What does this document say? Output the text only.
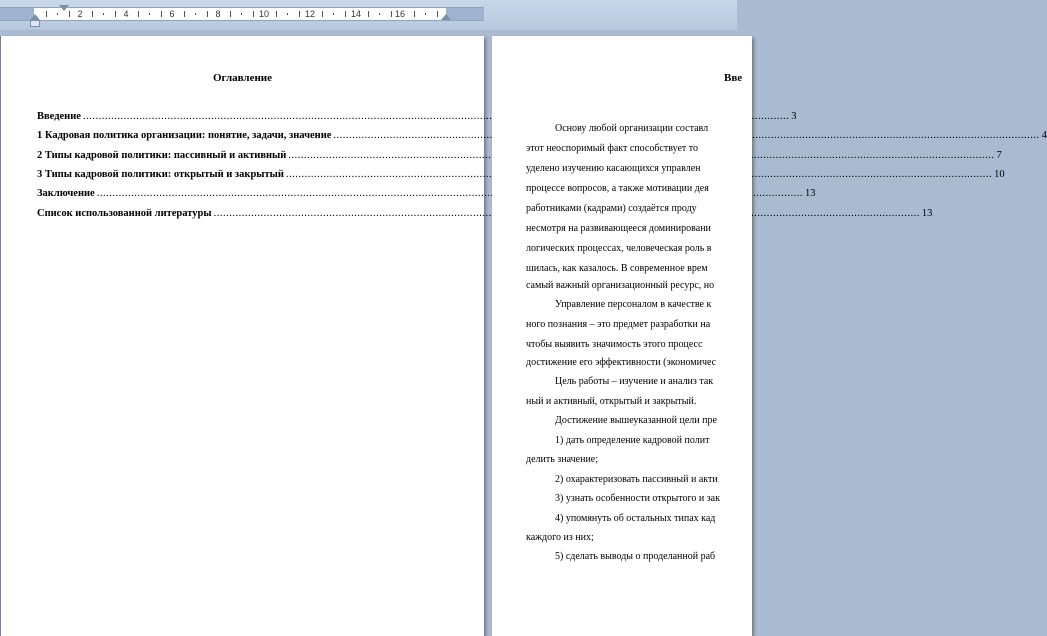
2	4	6	8	10	12	14	16
Оглавление
Введение .....	3
1 Кадровая политика организации: понятие, задачи, значение .....	4
2 Типы кадровой политики: пассивный и активный .....	7
3 Типы кадровой политики: открытый и закрытый .....	10
Заключение .....	13
Список использованной литературы .....	13
Вве
Основу любой организации составл
этот неоспоримый факт способствует то
уделено изучению касающихся управлен
процессе вопросов, а также мотивации дея
работниками (кадрами) создаётся проду
несмотря на развивающееся доминировани
логических процессах, человеческая роль в
шилась, как казалось. В современное врем
самый важный организационный ресурс, но
Управление персоналом в качестве к
ного познания – это предмет разработки на
чтобы выявить значимость этого процесс
достижение его эффективности (экономичес
Цель работы – изучение и анализ так
ный и активный, открытый и закрытый.
Достижение вышеуказанной цели пре
1) дать определение кадровой полит
делить значение;
2) охарактеризовать пассивный и акти
3) узнать особенности открытого и зак
4) упомянуть об остальных типах кад
каждого из них;
5) сделать выводы о проделанной раб
